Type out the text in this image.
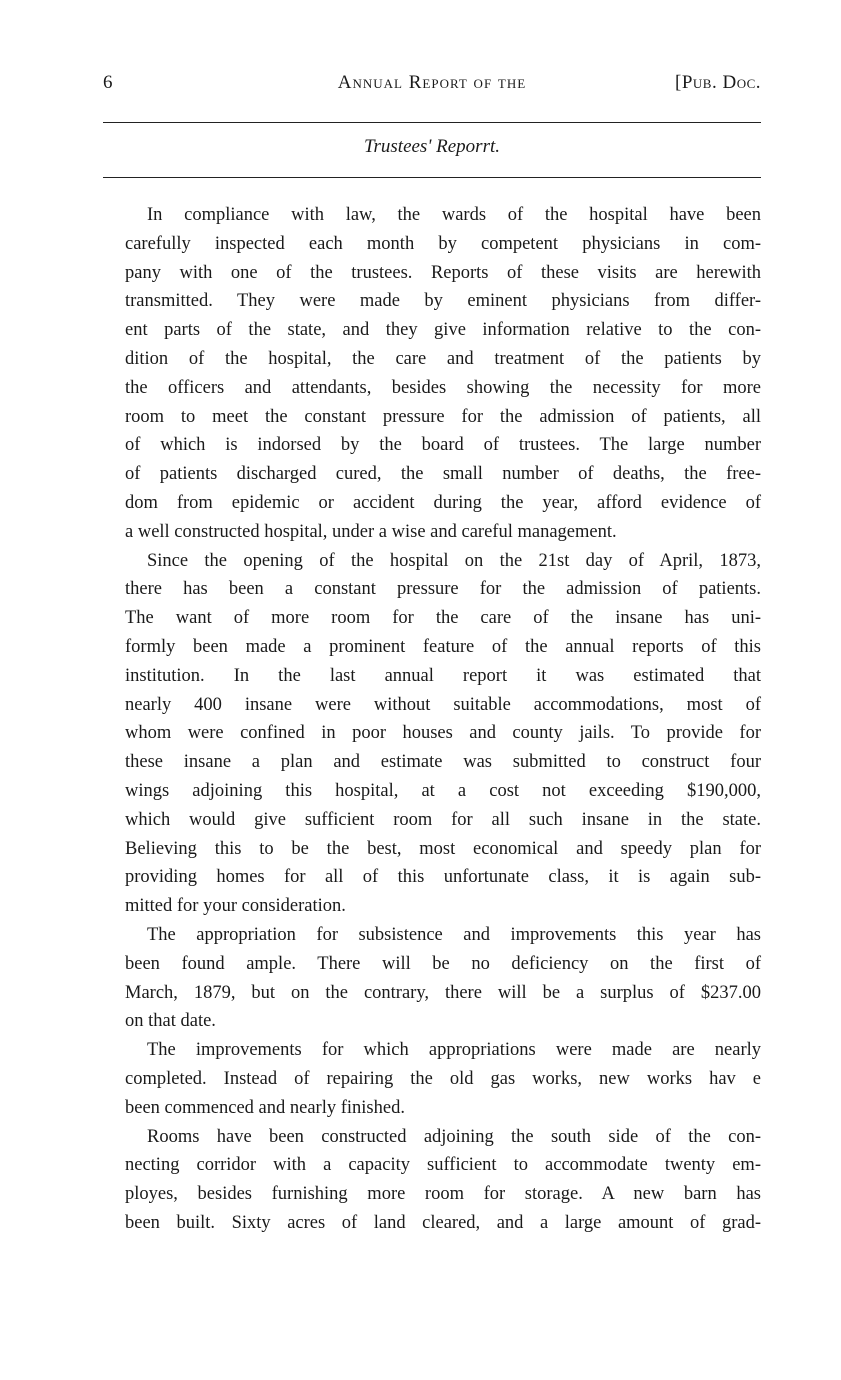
6	Annual Report of the	[Pub. Doc.
Trustees' Reporrt.
In compliance with law, the wards of the hospital have been
carefully inspected each month by competent physicians in com-
pany with one of the trustees. Reports of these visits are herewith
transmitted. They were made by eminent physicians from differ-
ent parts of the state, and they give information relative to the con-
dition of the hospital, the care and treatment of the patients by
the officers and attendants, besides showing the necessity for more
room to meet the constant pressure for the admission of patients, all
of which is indorsed by the board of trustees. The large number
of patients discharged cured, the small number of deaths, the free-
dom from epidemic or accident during the year, afford evidence of
a well constructed hospital, under a wise and careful management.
Since the opening of the hospital on the 21st day of April, 1873,
there has been a constant pressure for the admission of patients.
The want of more room for the care of the insane has uni-
formly been made a prominent feature of the annual reports of this
institution. In the last annual report it was estimated that
nearly 400 insane were without suitable accommodations, most of
whom were confined in poor houses and county jails. To provide for
these insane a plan and estimate was submitted to construct four
wings adjoining this hospital, at a cost not exceeding $190,000,
which would give sufficient room for all such insane in the state.
Believing this to be the best, most economical and speedy plan for
providing homes for all of this unfortunate class, it is again sub-
mitted for your consideration.
The appropriation for subsistence and improvements this year has
been found ample. There will be no deficiency on the first of
March, 1879, but on the contrary, there will be a surplus of $237.00
on that date.
The improvements for which appropriations were made are nearly
completed. Instead of repairing the old gas works, new works hav e
been commenced and nearly finished.
Rooms have been constructed adjoining the south side of the con-
necting corridor with a capacity sufficient to accommodate twenty em-
ployes, besides furnishing more room for storage. A new barn has
been built. Sixty acres of land cleared, and a large amount of grad-
